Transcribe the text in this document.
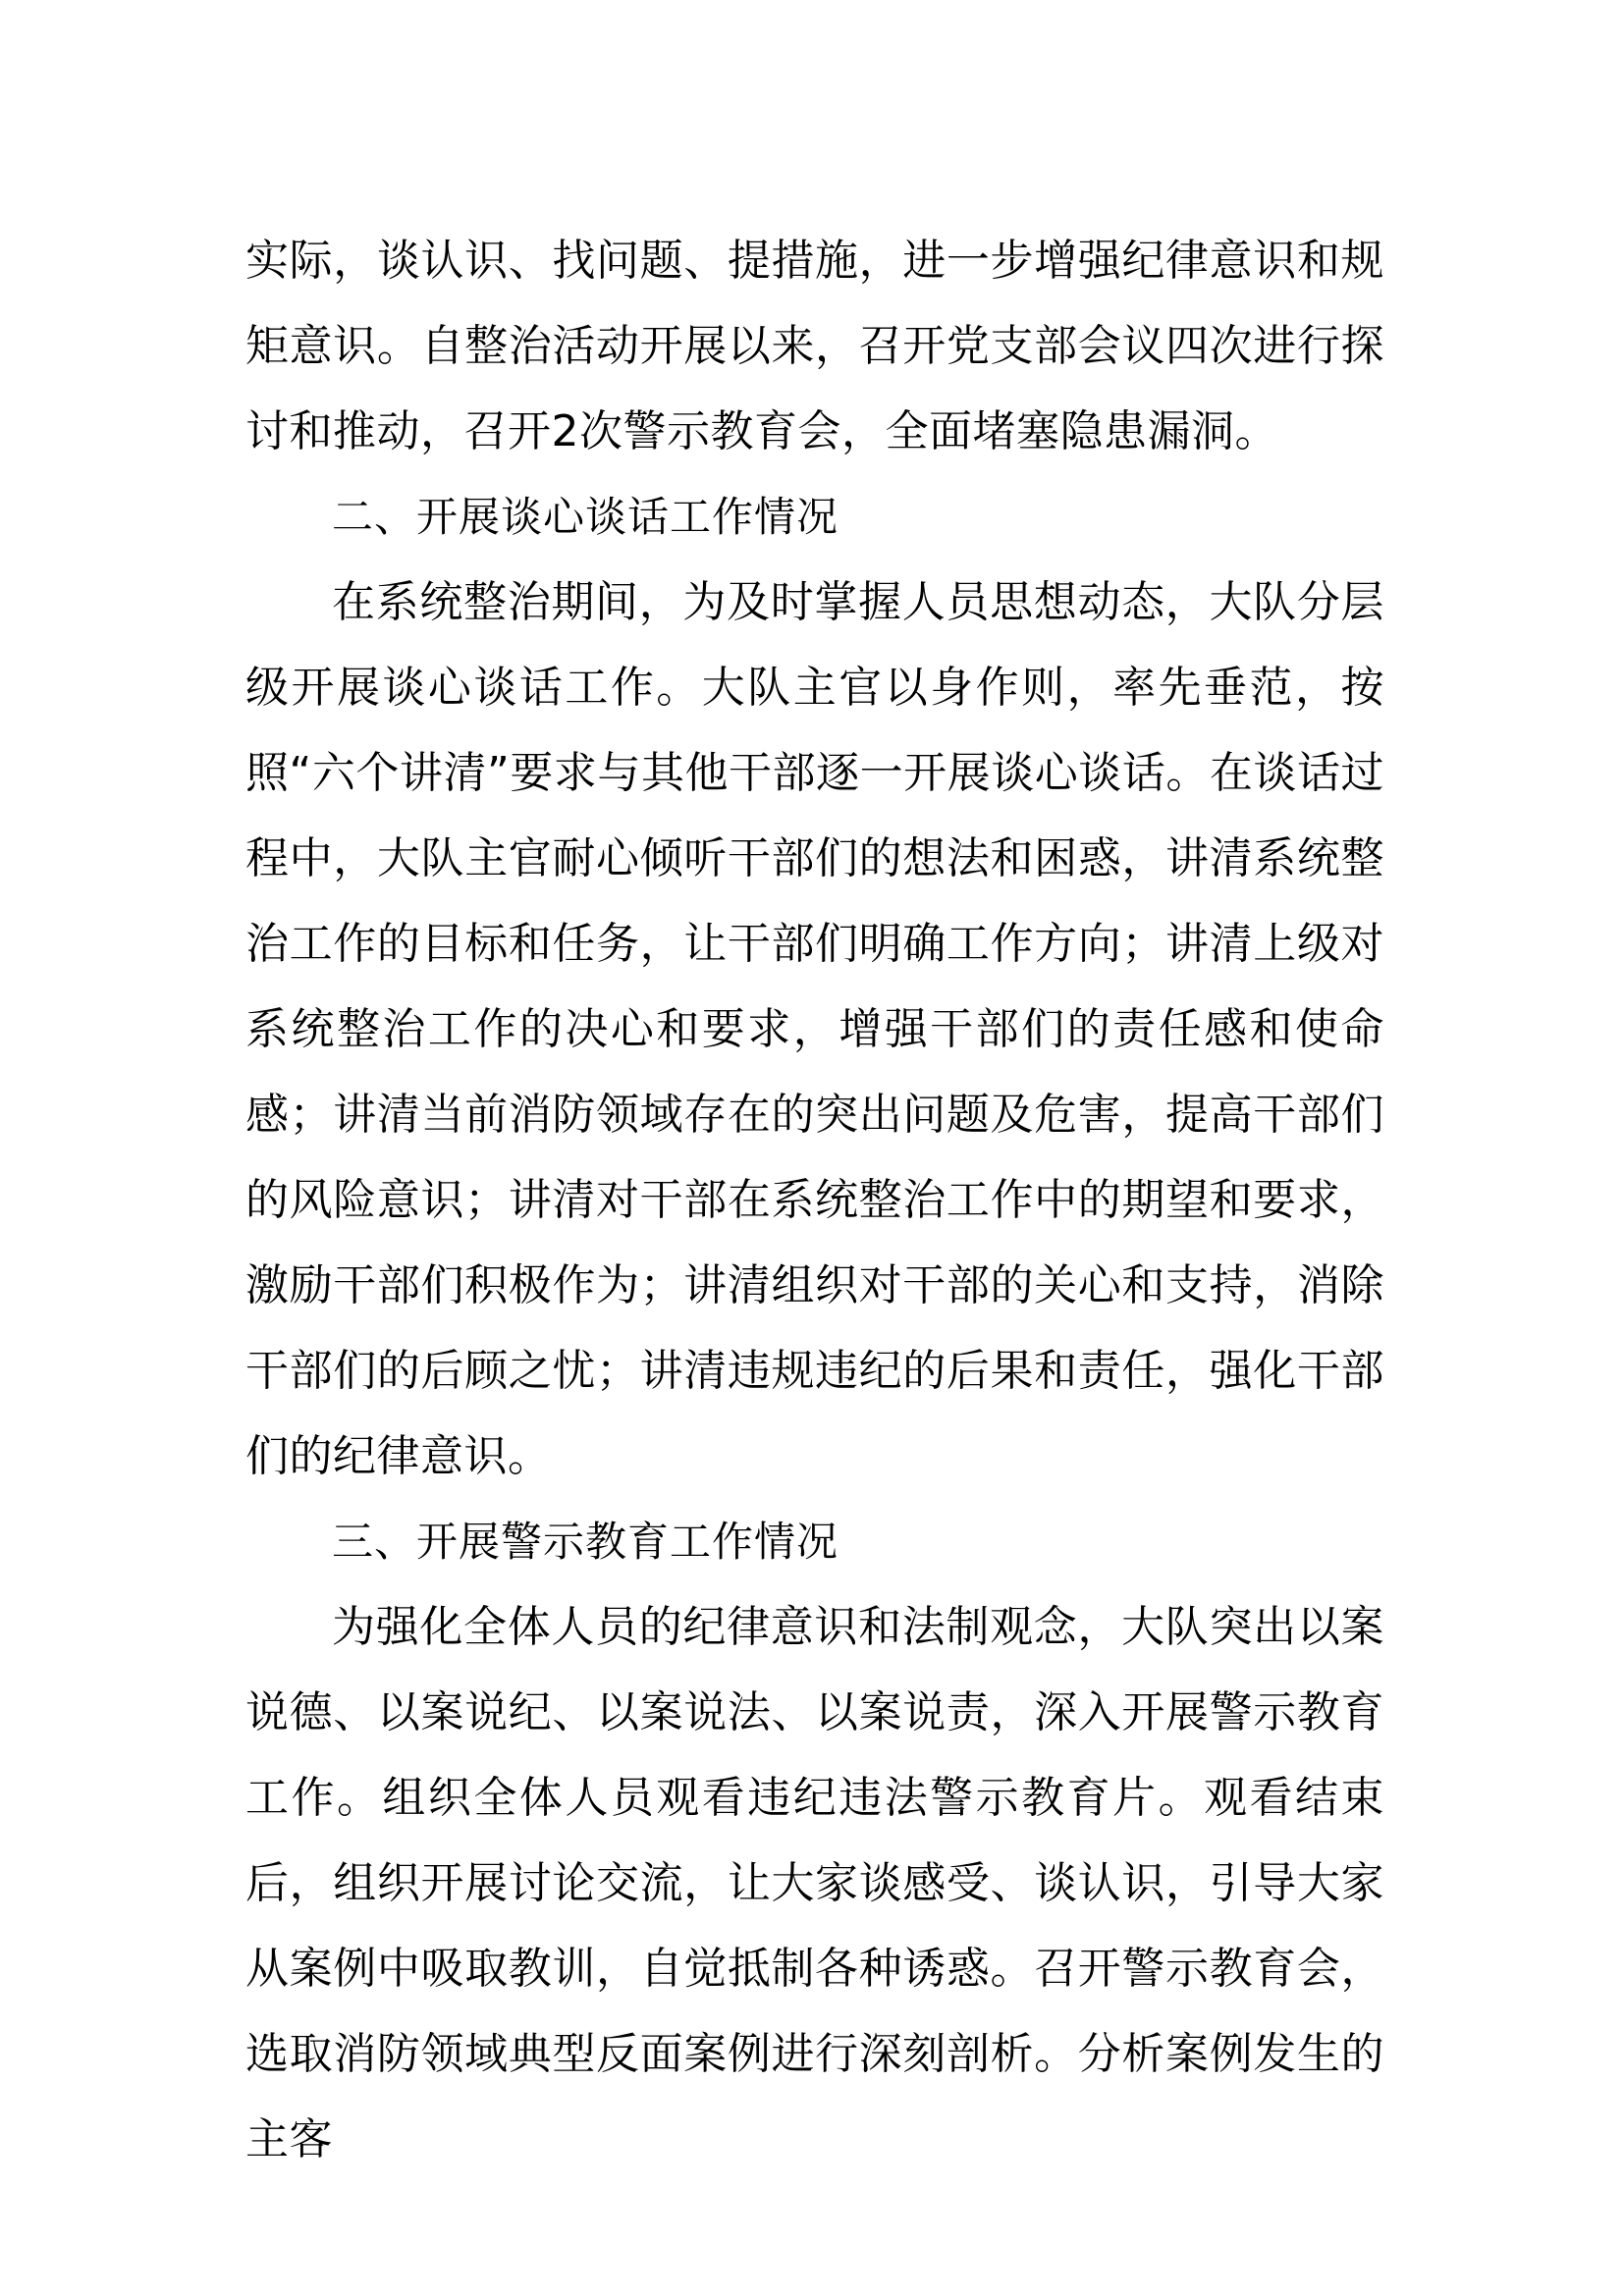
实际，谈认识、找问题、提措施，进一步增强纪律意识和规矩意识。自整治活动开展以来，召开党支部会议四次进行探讨和推动，召开2次警示教育会，全面堵塞隐患漏洞。

二、开展谈心谈话工作情况

在系统整治期间，为及时掌握人员思想动态，大队分层级开展谈心谈话工作。大队主官以身作则，率先垂范，按照“六个讲清”要求与其他干部逐一开展谈心谈话。在谈话过程中，大队主官耐心倾听干部们的想法和困惑，讲清系统整治工作的目标和任务，让干部们明确工作方向；讲清上级对系统整治工作的决心和要求，增强干部们的责任感和使命感；讲清当前消防领域存在的突出问题及危害，提高干部们的风险意识；讲清对干部在系统整治工作中的期望和要求，激励干部们积极作为；讲清组织对干部的关心和支持，消除干部们的后顾之忧；讲清违规违纪的后果和责任，强化干部们的纪律意识。

三、开展警示教育工作情况

为强化全体人员的纪律意识和法制观念，大队突出以案说德、以案说纪、以案说法、以案说责，深入开展警示教育工作。组织全体人员观看违纪违法警示教育片。观看结束后，组织开展讨论交流，让大家谈感受、谈认识，引导大家从案例中吸取教训，自觉抵制各种诱惑。召开警示教育会，选取消防领域典型反面案例进行深刻剖析。分析案例发生的主客
